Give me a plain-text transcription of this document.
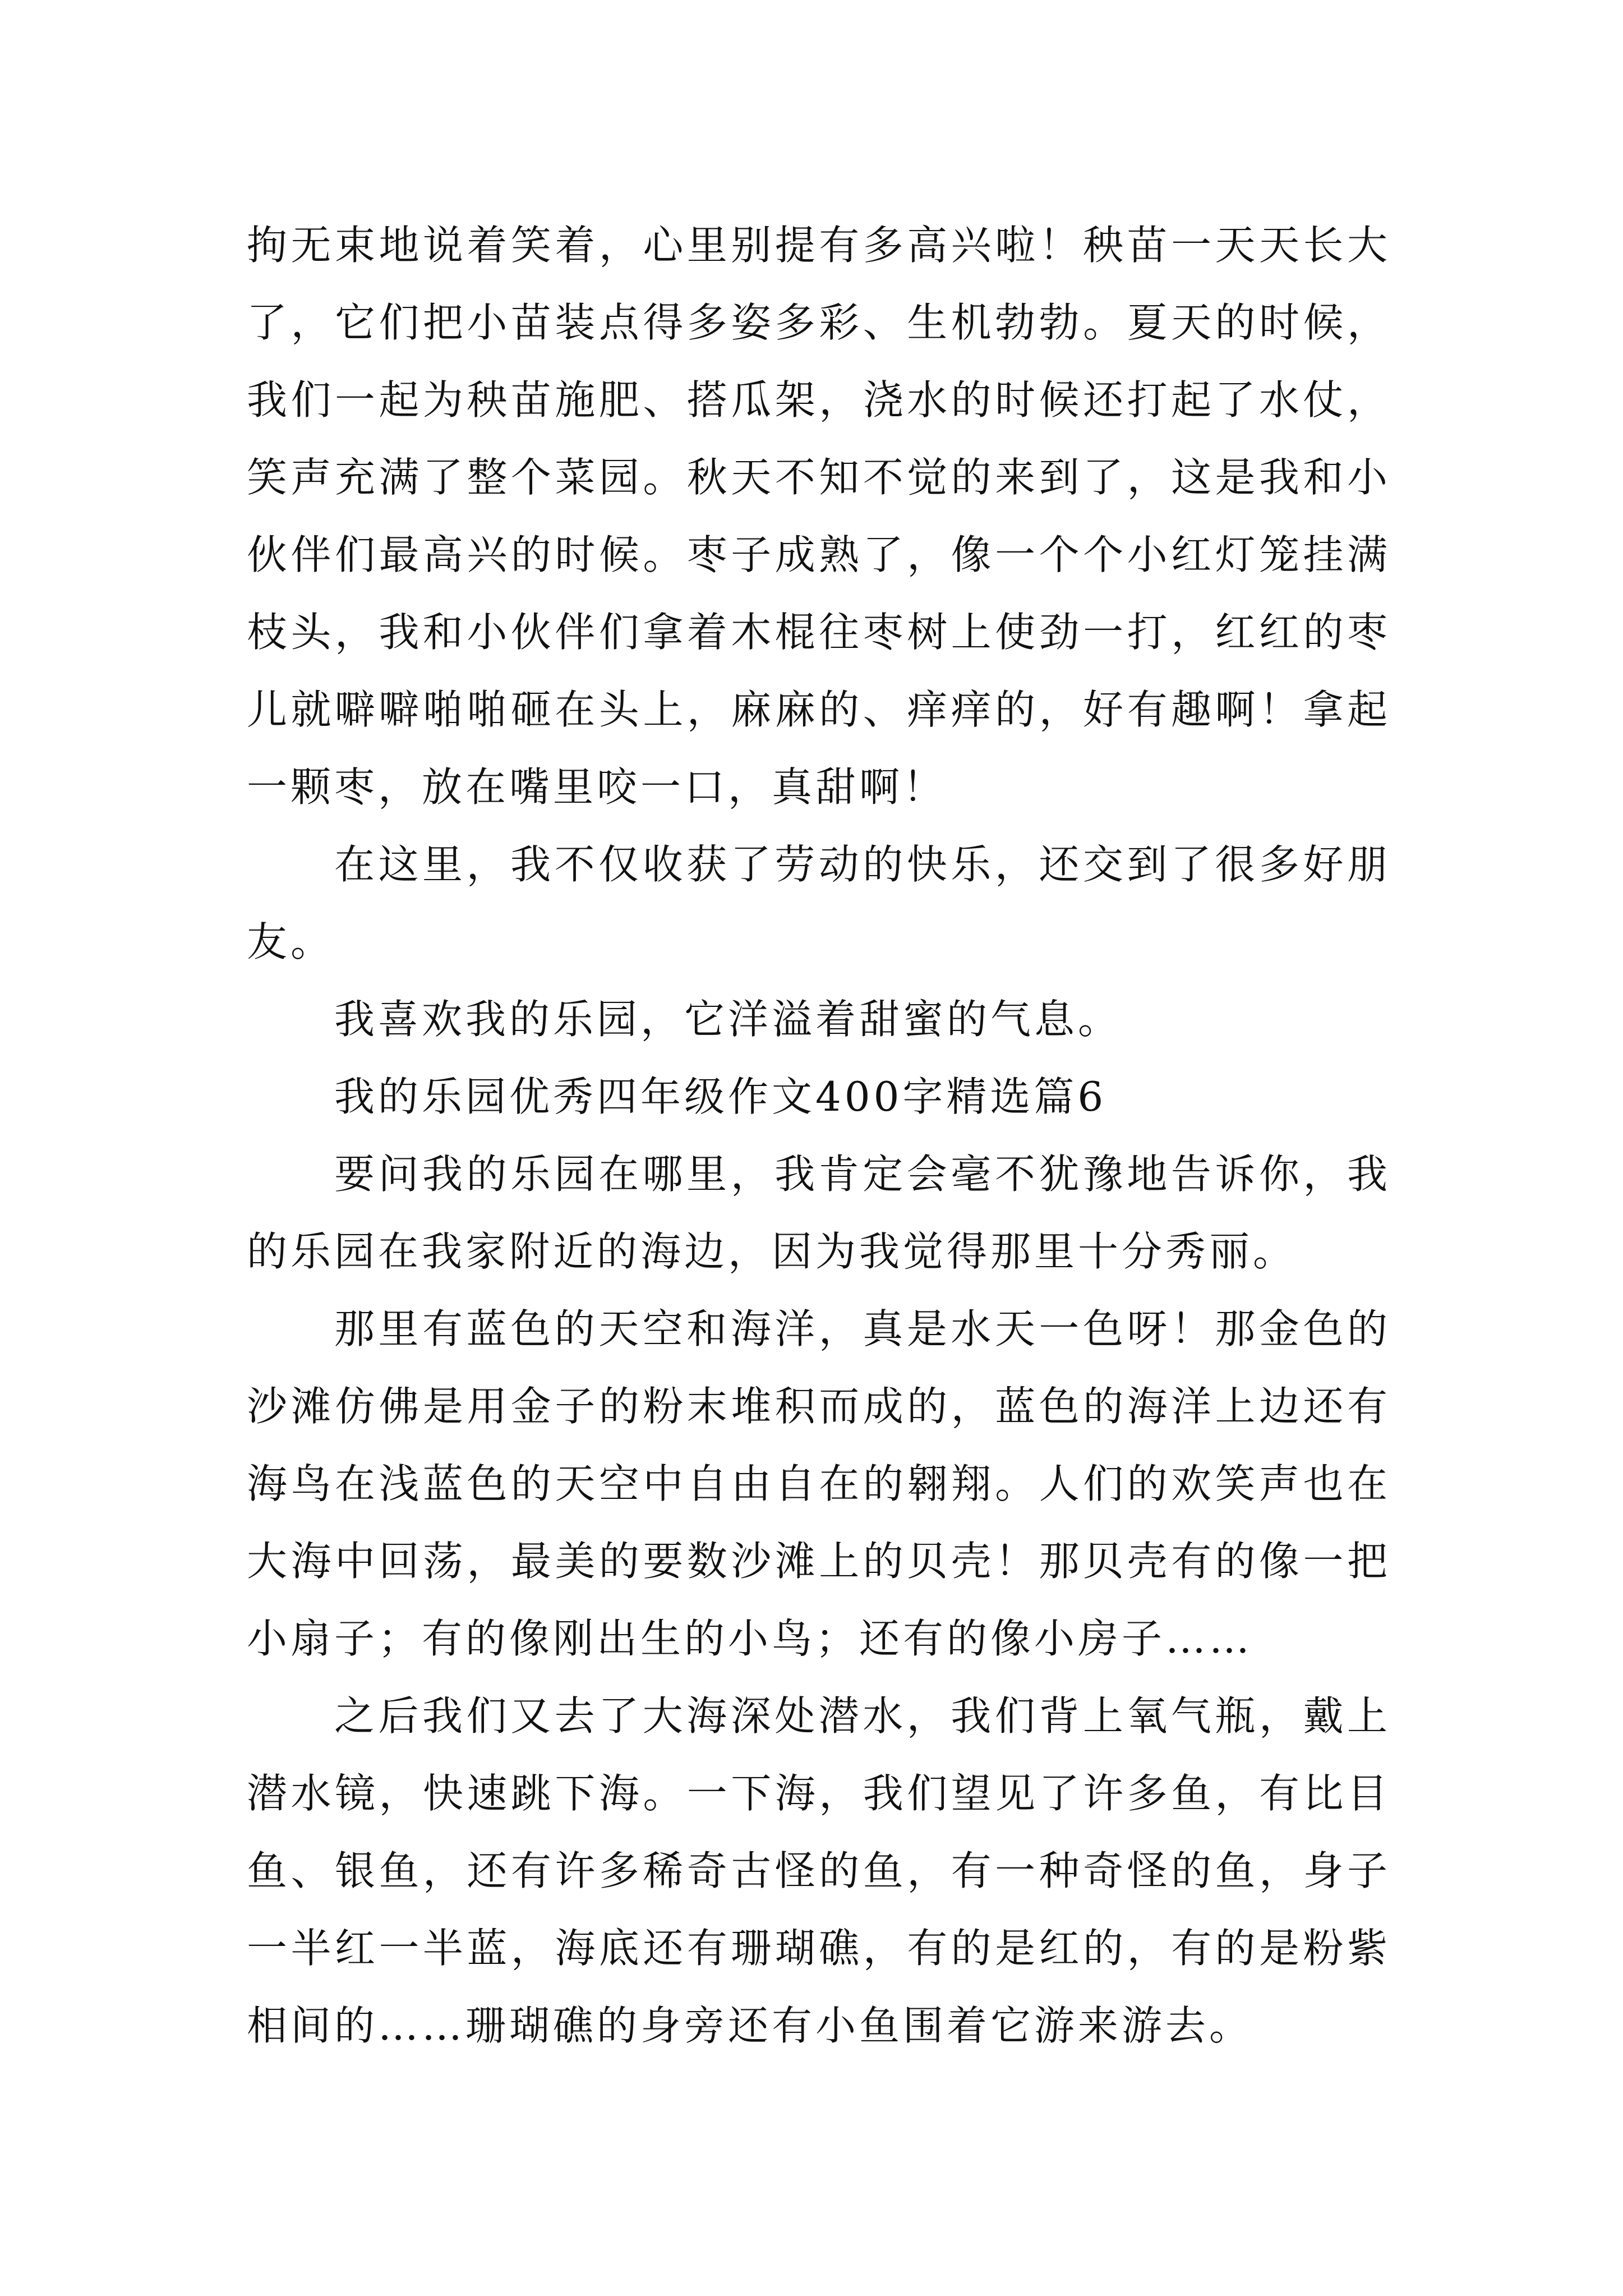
拘无束地说着笑着，心里别提有多高兴啦！秧苗一天天长大了，它们把小苗装点得多姿多彩、生机勃勃。夏天的时候，我们一起为秧苗施肥、搭瓜架，浇水的时候还打起了水仗，笑声充满了整个菜园。秋天不知不觉的来到了，这是我和小伙伴们最高兴的时候。枣子成熟了，像一个个小红灯笼挂满枝头，我和小伙伴们拿着木棍往枣树上使劲一打，红红的枣儿就噼噼啪啪砸在头上，麻麻的、痒痒的，好有趣啊！拿起一颗枣，放在嘴里咬一口，真甜啊！

在这里，我不仅收获了劳动的快乐，还交到了很多好朋友。

我喜欢我的乐园，它洋溢着甜蜜的气息。

我的乐园优秀四年级作文400字精选篇6

要问我的乐园在哪里，我肯定会毫不犹豫地告诉你，我的乐园在我家附近的海边，因为我觉得那里十分秀丽。

那里有蓝色的天空和海洋，真是水天一色呀！那金色的沙滩仿佛是用金子的粉末堆积而成的，蓝色的海洋上边还有海鸟在浅蓝色的天空中自由自在的翱翔。人们的欢笑声也在大海中回荡，最美的要数沙滩上的贝壳！那贝壳有的像一把小扇子；有的像刚出生的小鸟；还有的像小房子……

之后我们又去了大海深处潜水，我们背上氧气瓶，戴上潜水镜，快速跳下海。一下海，我们望见了许多鱼，有比目鱼、银鱼，还有许多稀奇古怪的鱼，有一种奇怪的鱼，身子一半红一半蓝，海底还有珊瑚礁，有的是红的，有的是粉紫相间的……珊瑚礁的身旁还有小鱼围着它游来游去。
